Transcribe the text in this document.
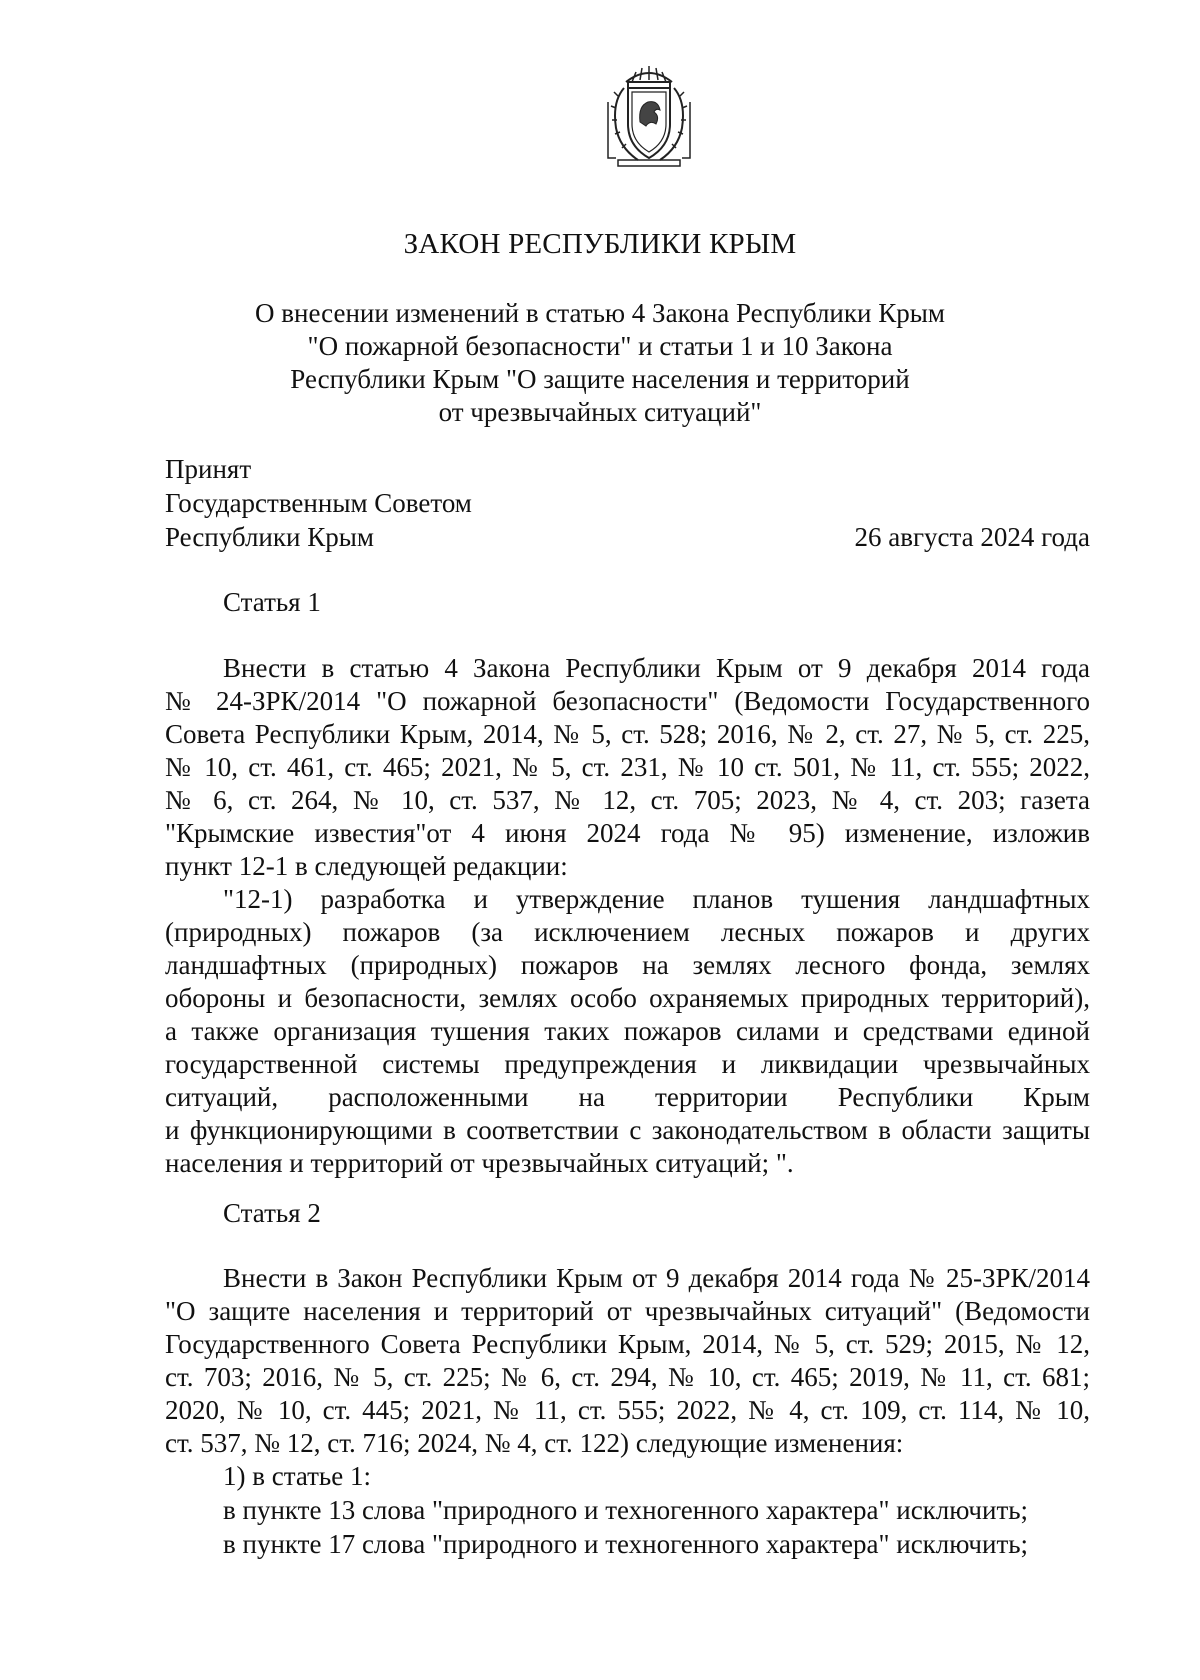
ЗАКОН РЕСПУБЛИКИ КРЫМ
О внесении изменений в статью 4 Закона Республики Крым
"О пожарной безопасности" и статьи 1 и 10 Закона
Республики Крым "О защите населения и территорий
от чрезвычайных ситуаций"
Принят
Государственным Советом
Республики Крым	26 августа 2024 года
Статья 1
Внести в статью 4 Закона Республики Крым от 9 декабря 2014 года
№ 24-ЗРК/2014 "О пожарной безопасности" (Ведомости Государственного
Совета Республики Крым, 2014, № 5, ст. 528; 2016, № 2, ст. 27, № 5, ст. 225,
№ 10, ст. 461, ст. 465; 2021, № 5, ст. 231, № 10 ст. 501, № 11, ст. 555; 2022,
№ 6, ст. 264, № 10, ст. 537, № 12, ст. 705; 2023, № 4, ст. 203; газета
"Крымские известия"от 4 июня 2024 года № 95) изменение, изложив
пункт 12-1 в следующей редакции:
"12-1) разработка и утверждение планов тушения ландшафтных
(природных) пожаров (за исключением лесных пожаров и других
ландшафтных (природных) пожаров на землях лесного фонда, землях
обороны и безопасности, землях особо охраняемых природных территорий),
а также организация тушения таких пожаров силами и средствами единой
государственной системы предупреждения и ликвидации чрезвычайных
ситуаций, расположенными на территории Республики Крым
и функционирующими в соответствии с законодательством в области защиты
населения и территорий от чрезвычайных ситуаций; ".
Статья 2
Внести в Закон Республики Крым от 9 декабря 2014 года № 25-ЗРК/2014
"О защите населения и территорий от чрезвычайных ситуаций" (Ведомости
Государственного Совета Республики Крым, 2014, № 5, ст. 529; 2015, № 12,
ст. 703; 2016, № 5, ст. 225; № 6, ст. 294, № 10, ст. 465; 2019, № 11, ст. 681;
2020, № 10, ст. 445; 2021, № 11, ст. 555; 2022, № 4, ст. 109, ст. 114, № 10,
ст. 537, № 12, ст. 716; 2024, № 4, ст. 122) следующие изменения:
1) в статье 1:
в пункте 13 слова "природного и техногенного характера" исключить;
в пункте 17 слова "природного и техногенного характера" исключить;
